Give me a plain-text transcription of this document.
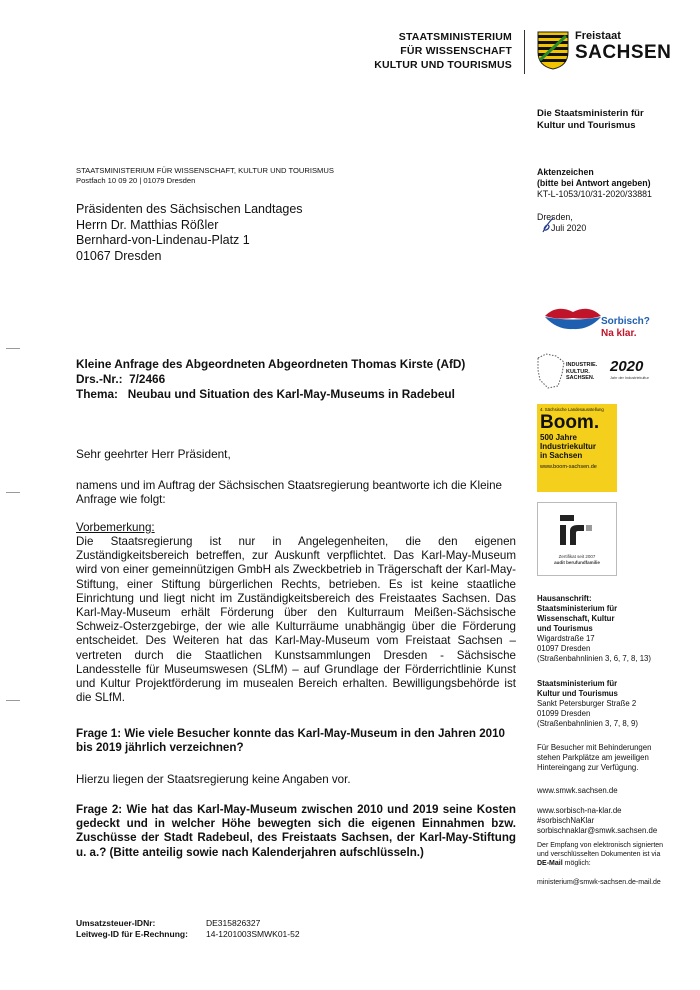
STAATSMINISTERIUM
FÜR WISSENSCHAFT
KULTUR UND TOURISMUS
Freistaat
SACHSEN
Die Staatsministerin für
Kultur und Tourismus
STAATSMINISTERIUM FÜR WISSENSCHAFT, KULTUR UND TOURISMUS
Postfach 10 09 20 | 01079 Dresden
Präsidenten des Sächsischen Landtages
Herrn Dr. Matthias Rößler
Bernhard-von-Lindenau-Platz 1
01067 Dresden
Aktenzeichen
(bitte bei Antwort angeben)
KT-L-1053/10/31-2020/33881
Dresden,
Juli 2020
Sorbisch?
Na klar.
INDUSTRIE.
KULTUR.
SACHSEN.
2020
Jahr der Industriekultur
4. Sächsische Landesausstellung
Boom.
500 Jahre
Industriekultur
in Sachsen
www.boom-sachsen.de
Zertifikat seit 2007
audit berufundfamilie
Hausanschrift:
Staatsministerium für
Wissenschaft, Kultur
und Tourismus
Wigardstraße 17
01097 Dresden
(Straßenbahnlinien 3, 6, 7, 8, 13)
Staatsministerium für
Kultur und Tourismus
Sankt Petersburger Straße 2
01099 Dresden
(Straßenbahnlinien 3, 7, 8, 9)
Für Besucher mit Behinderungen
stehen Parkplätze am jeweiligen
Hintereingang zur Verfügung.
www.smwk.sachsen.de
www.sorbisch-na-klar.de
#sorbischNaKlar
sorbischnaklar@smwk.sachsen.de
Der Empfang von elektronisch signierten
und verschlüsselten Dokumenten ist via
DE-Mail möglich:
ministerium@smwk-sachsen.de-mail.de
Kleine Anfrage des Abgeordneten Abgeordneten Thomas Kirste (AfD)
Drs.-Nr.:  7/2466
Thema:   Neubau und Situation des Karl-May-Museums in Radebeul
Sehr geehrter Herr Präsident,
namens und im Auftrag der Sächsischen Staatsregierung beantworte ich die Kleine Anfrage wie folgt:
Vorbemerkung:
Die Staatsregierung ist nur in Angelegenheiten, die den eigenen Zuständigkeitsbereich betreffen, zur Auskunft verpflichtet. Das Karl-May-Museum wird von einer gemeinnützigen GmbH als Zweckbetrieb in Trägerschaft der Karl-May-Stiftung, einer Stiftung bürgerlichen Rechts, betrieben. Es ist keine staatliche Einrichtung und liegt nicht im Zuständigkeitsbereich des Freistaates Sachsen. Das Karl-May-Museum erhält Förderung über den Kulturraum Meißen-Sächsische Schweiz-Osterzgebirge, der wie alle Kulturräume unabhängig über die Förderung entscheidet. Des Weiteren hat das Karl-May-Museum vom Freistaat Sachsen – vertreten durch die Staatlichen Kunstsammlungen Dresden - Sächsische Landesstelle für Museumswesen (SLfM) – auf Grundlage der Förderrichtlinie Kunst und Kultur Projektförderung im musealen Bereich erhalten. Bewilligungsbehörde ist die SLfM.
Frage 1: Wie viele Besucher konnte das Karl-May-Museum in den Jahren 2010 bis 2019 jährlich verzeichnen?
Hierzu liegen der Staatsregierung keine Angaben vor.
Frage 2: Wie hat das Karl-May-Museum zwischen 2010 und 2019 seine Kosten gedeckt und in welcher Höhe bewegten sich die eigenen Einnahmen bzw. Zuschüsse der Stadt Radebeul, des Freistaats Sachsen, der Karl-May-Stiftung u. a.? (Bitte anteilig sowie nach Kalenderjahren aufschlüsseln.)
Umsatzsteuer-IDNr:	DE315826327
Leitweg-ID für E-Rechnung: 14-1201003SMWK01-52
